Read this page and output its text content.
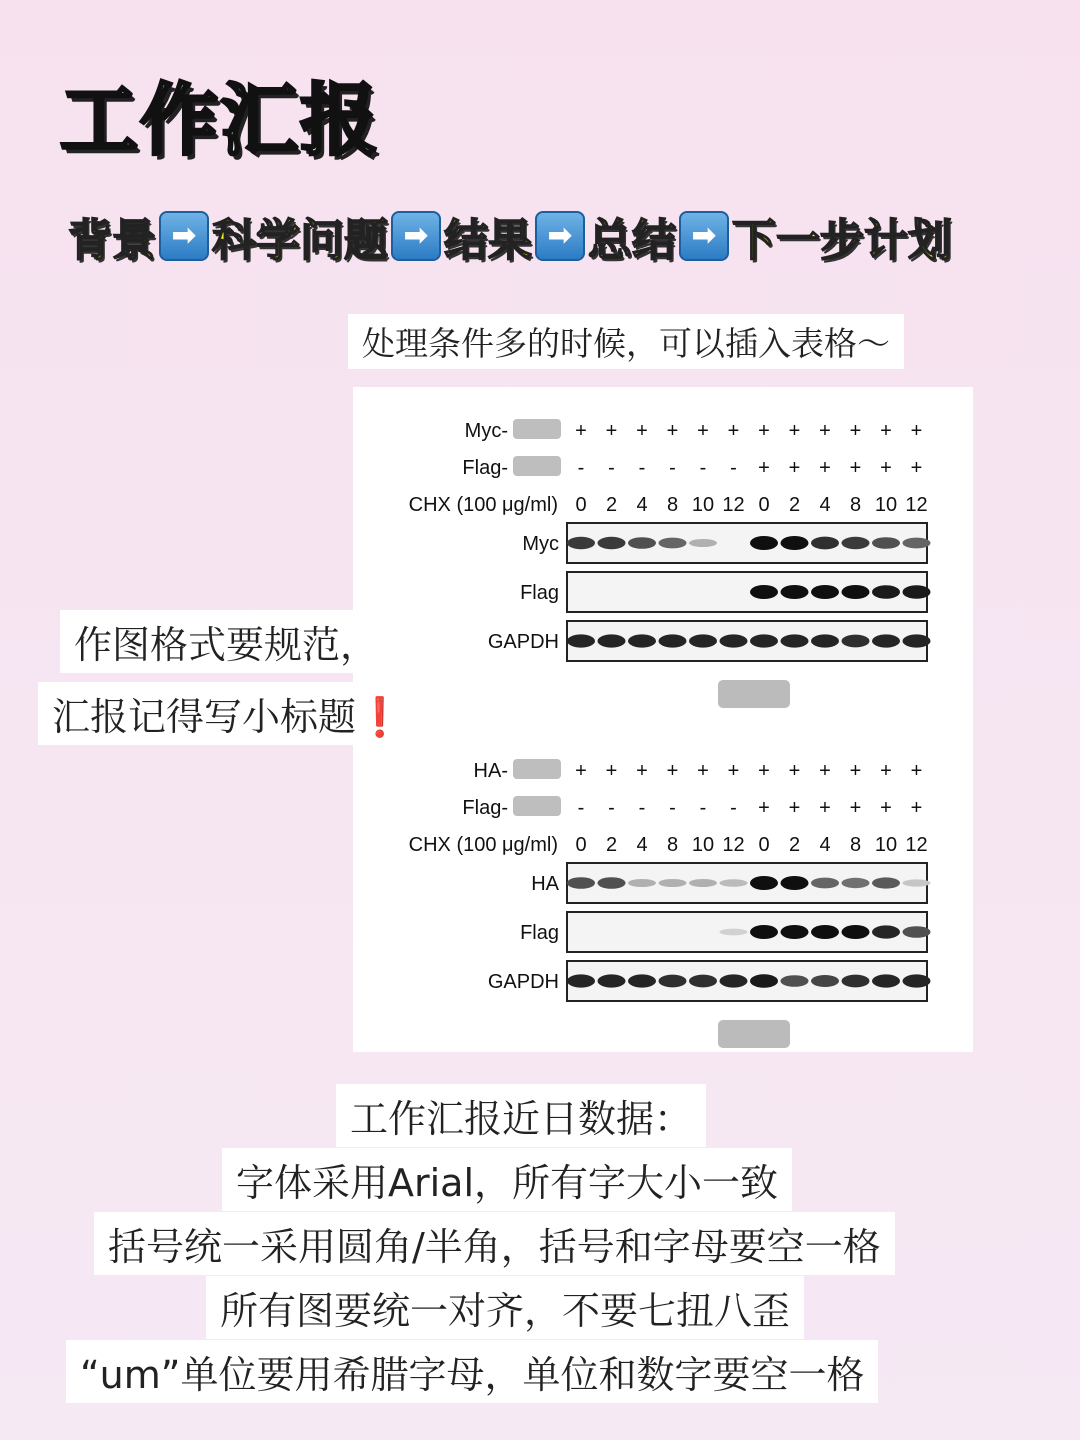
工作汇报
背景 ➡ 科学问题 ➡ 结果 ➡ 总结 ➡ 下一步计划
处理条件多的时候，可以插入表格～
Myc-	+ + + + + + + + + + + +
Flag-	- - - - - - + + + + + +
CHX (100 μg/ml) 0 2 4 8 10 12 0 2 4 8 10 12
Myc
Flag
GAPDH
HA-	+ + + + + + + + + + + +
Flag-	- - - - - - + + + + + +
CHX (100 μg/ml) 0 2 4 8 10 12 0 2 4 8 10 12
HA
Flag
GAPDH
作图格式要规范，
汇报记得写小标题❗
工作汇报近日数据：
字体采用Arial，所有字大小一致
括号统一采用圆角/半角，括号和字母要空一格
所有图要统一对齐，不要七扭八歪
“um”单位要用希腊字母，单位和数字要空一格
